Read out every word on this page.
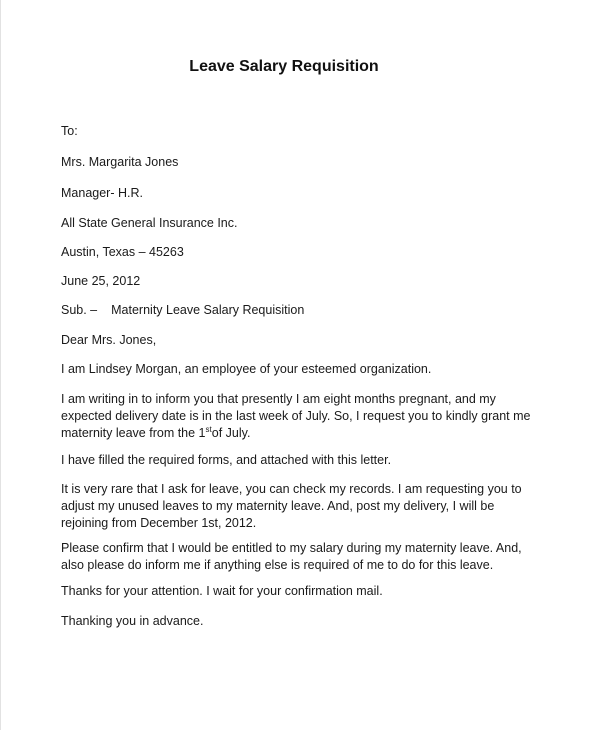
Leave Salary Requisition
To:
Mrs. Margarita Jones
Manager- H.R.
All State General Insurance Inc.
Austin, Texas – 45263
June 25, 2012
Sub. – Maternity Leave Salary Requisition
Dear Mrs. Jones,
I am Lindsey Morgan, an employee of your esteemed organization.
I am writing in to inform you that presently I am eight months pregnant, and my expected delivery date is in the last week of July. So, I request you to kindly grant me maternity leave from the 1stof July.
I have filled the required forms, and attached with this letter.
It is very rare that I ask for leave, you can check my records. I am requesting you to adjust my unused leaves to my maternity leave. And, post my delivery, I will be rejoining from December 1st, 2012.
Please confirm that I would be entitled to my salary during my maternity leave. And, also please do inform me if anything else is required of me to do for this leave.
Thanks for your attention. I wait for your confirmation mail.
Thanking you in advance.
